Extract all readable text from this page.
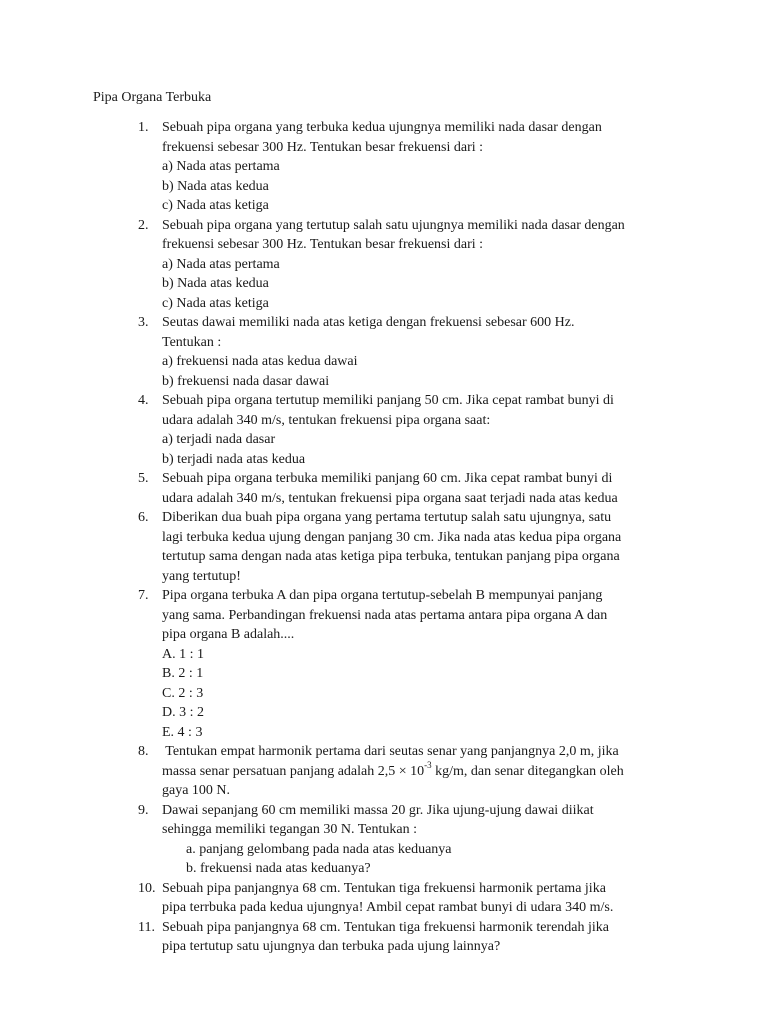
Pipa Organa Terbuka
1. Sebuah pipa organa yang terbuka kedua ujungnya memiliki nada dasar dengan
frekuensi sebesar 300 Hz. Tentukan besar frekuensi dari :
a) Nada atas pertama
b) Nada atas kedua
c) Nada atas ketiga
2. Sebuah pipa organa yang tertutup salah satu ujungnya memiliki nada dasar dengan
frekuensi sebesar 300 Hz. Tentukan besar frekuensi dari :
a) Nada atas pertama
b) Nada atas kedua
c) Nada atas ketiga
3. Seutas dawai memiliki nada atas ketiga dengan frekuensi sebesar 600 Hz.
Tentukan :
a) frekuensi nada atas kedua dawai
b) frekuensi nada dasar dawai
4. Sebuah pipa organa tertutup memiliki panjang 50 cm. Jika cepat rambat bunyi di
udara adalah 340 m/s, tentukan frekuensi pipa organa saat:
a) terjadi nada dasar
b) terjadi nada atas kedua
5. Sebuah pipa organa terbuka memiliki panjang 60 cm. Jika cepat rambat bunyi di
udara adalah 340 m/s, tentukan frekuensi pipa organa saat terjadi nada atas kedua
6. Diberikan dua buah pipa organa yang pertama tertutup salah satu ujungnya, satu
lagi terbuka kedua ujung dengan panjang 30 cm. Jika nada atas kedua pipa organa
tertutup sama dengan nada atas ketiga pipa terbuka, tentukan panjang pipa organa
yang tertutup!
7. Pipa organa terbuka A dan pipa organa tertutup-sebelah B mempunyai panjang
yang sama. Perbandingan frekuensi nada atas pertama antara pipa organa A dan
pipa organa B adalah....
A. 1 : 1
B. 2 : 1
C. 2 : 3
D. 3 : 2
E. 4 : 3
8. Tentukan empat harmonik pertama dari seutas senar yang panjangnya 2,0 m, jika
massa senar persatuan panjang adalah $2,5 \times 10^{-3}$ kg/m, dan senar ditegangkan oleh
gaya 100 N.
9. Dawai sepanjang 60 cm memiliki massa 20 gr. Jika ujung-ujung dawai diikat
sehingga memiliki tegangan 30 N. Tentukan :
a. panjang gelombang pada nada atas keduanya
b. frekuensi nada atas keduanya?
10. Sebuah pipa panjangnya 68 cm. Tentukan tiga frekuensi harmonik pertama jika
pipa terrbuka pada kedua ujungnya! Ambil cepat rambat bunyi di udara 340 m/s.
11. Sebuah pipa panjangnya 68 cm. Tentukan tiga frekuensi harmonik terendah jika
pipa tertutup satu ujungnya dan terbuka pada ujung lainnya?
